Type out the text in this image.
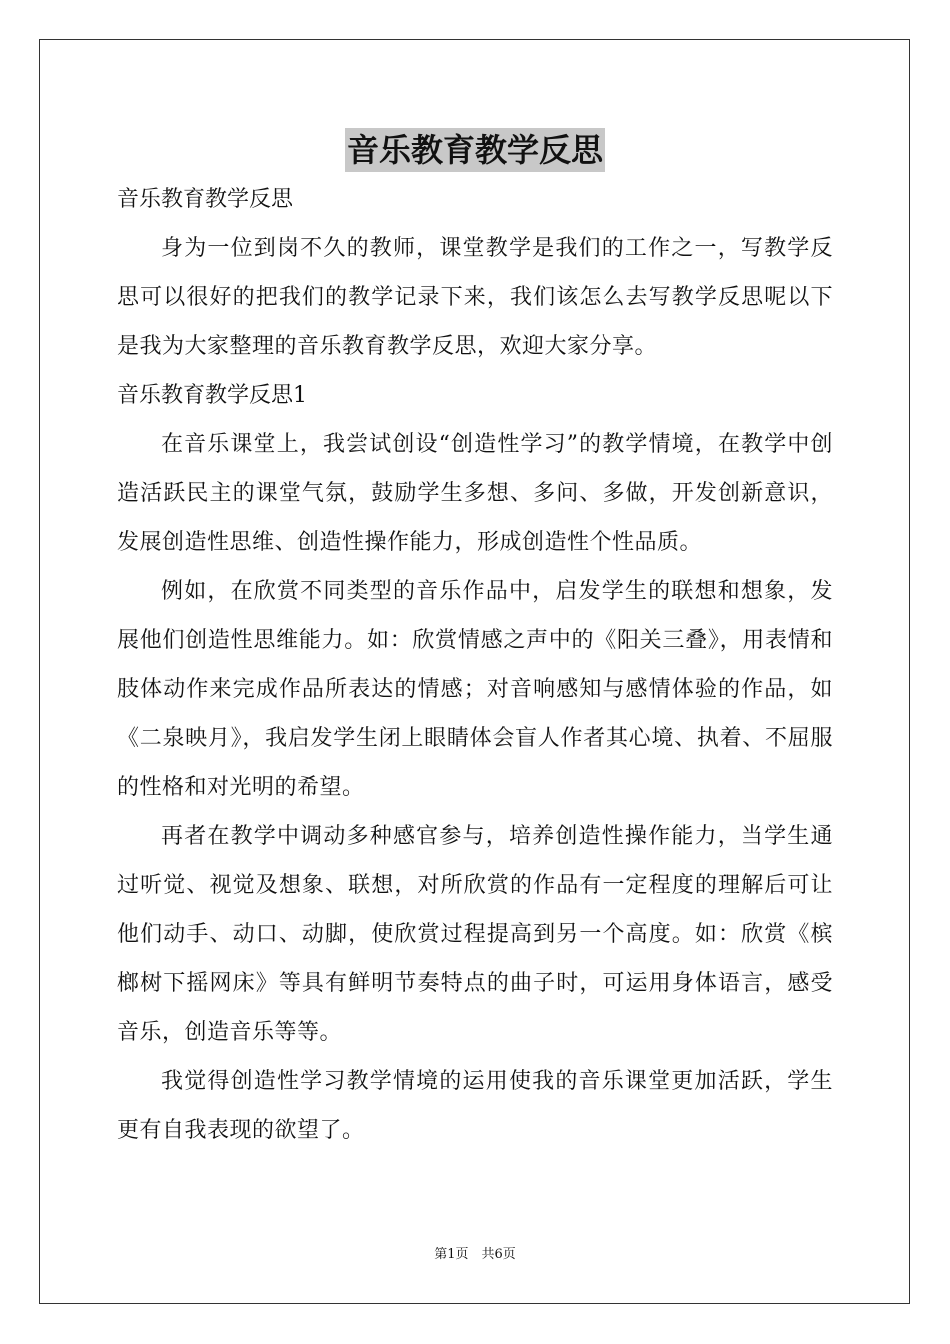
音乐教育教学反思
音乐教育教学反思
身为一位到岗不久的教师，课堂教学是我们的工作之一，写教学反思可以很好的把我们的教学记录下来，我们该怎么去写教学反思呢以下是我为大家整理的音乐教育教学反思，欢迎大家分享。
音乐教育教学反思1
在音乐课堂上，我尝试创设“创造性学习”的教学情境，在教学中创造活跃民主的课堂气氛，鼓励学生多想、多问、多做，开发创新意识，发展创造性思维、创造性操作能力，形成创造性个性品质。
例如，在欣赏不同类型的音乐作品中，启发学生的联想和想象，发展他们创造性思维能力。如：欣赏情感之声中的《阳关三叠》，用表情和肢体动作来完成作品所表达的情感；对音响感知与感情体验的作品，如《二泉映月》，我启发学生闭上眼睛体会盲人作者其心境、执着、不屈服的性格和对光明的希望。
再者在教学中调动多种感官参与，培养创造性操作能力，当学生通过听觉、视觉及想象、联想，对所欣赏的作品有一定程度的理解后可让他们动手、动口、动脚，使欣赏过程提高到另一个高度。如：欣赏《槟榔树下摇网床》等具有鲜明节奏特点的曲子时，可运用身体语言，感受音乐，创造音乐等等。
我觉得创造性学习教学情境的运用使我的音乐课堂更加活跃，学生更有自我表现的欲望了。
第1页　共6页
